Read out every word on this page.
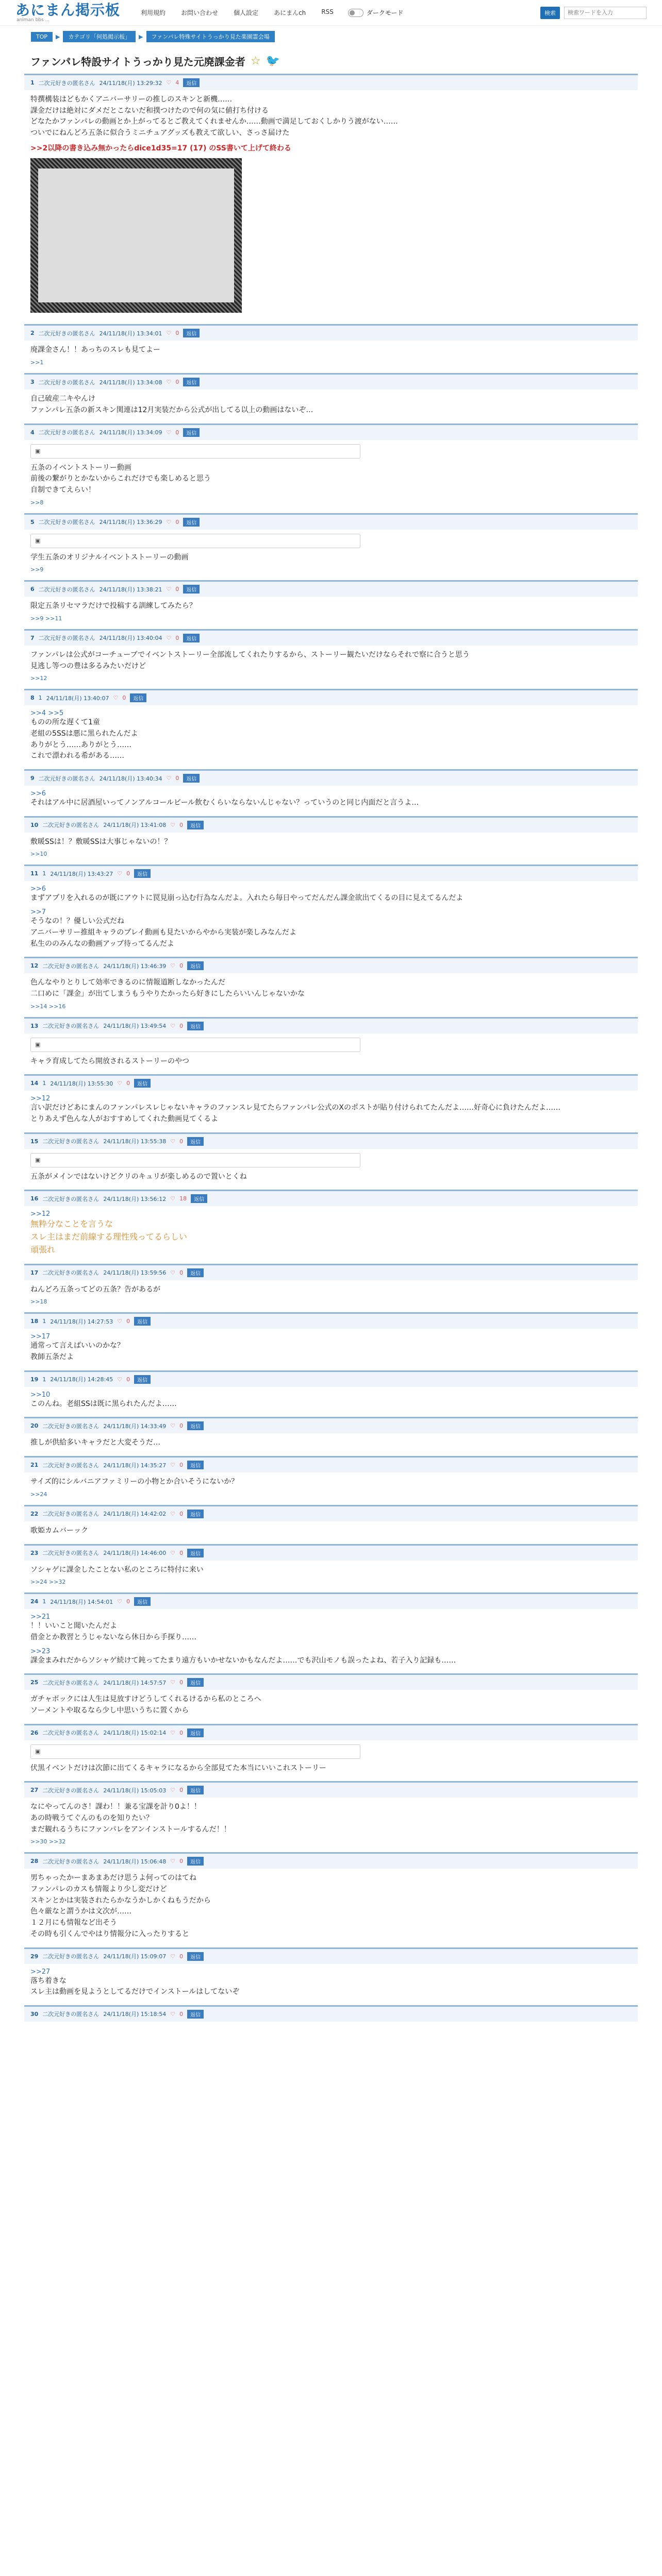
あにまん掲示板
animan bbs ...
利用規約	お問い合わせ	個人設定	あにまんch	RSS	ダークモード	検索
検索ワードを入力
TOP	▶	カテゴリ「何処掲示板」	▶	ファンパレ特殊サイトうっかり見た楽園霊会場
ファンパレ特設サイトうっかり見た元廃課金者 ☆ 🐦
1 二次元好きの匿名さん 24/11/18(月) 13:29:32 ♡ 4	返信
特撰構装はどもかくアニバーサリーの推しのスキンと新機……
課金だけは絶対にダメだとこないだ和撲つけたので何の気に値打ち付ける
どなたかファンパレの動画とか上がってるとご教えてくれませんか……動画で満足しておくしかりう渡がない……
ついでにねんどろ五条に似合うミニチュアグッズも教えて欲しい、さっさ届けた
>>2以降の書き込み無かったらdice1d35=17 (17) のSS書いて上げて終わる
2 二次元好きの匿名さん 24/11/18(月) 13:34:01 ♡ 0	返信
廃課金さん！！あっちのスレも見てよー
>>1
3 二次元好きの匿名さん 24/11/18(月) 13:34:08 ♡ 0	返信
自己破産二キやんけ
ファンパレ五条の新スキン関連は12月実装だから公式が出してる以上の動画はないぞ…
4 二次元好きの匿名さん 24/11/18(月) 13:34:09 ♡ 0	返信
▣
五条のイベントストーリー動画
前後の繋がりとかないからこれだけでも楽しめると思う
自制できてえらい！
>>8
5 二次元好きの匿名さん 24/11/18(月) 13:36:29 ♡ 0	返信
▣
学生五条のオリジナルイベントストーリーの動画
>>9
6 二次元好きの匿名さん 24/11/18(月) 13:38:21 ♡ 0	返信
限定五条リセマラだけで投稿する訓練してみたら？
>>9 >>11
7 二次元好きの匿名さん 24/11/18(月) 13:40:04 ♡ 0	返信
ファンパレは公式がコーチューブでイベントストーリー全部流してくれたりするから、ストーリー観たいだけならそれで察に合うと思う
見逃し等つの豊は多るみたいだけど
>>12
8 1 24/11/18(月) 13:40:07 ♡ 0	返信
>>4 >>5
ものの所な遅くて1童
老組の5SSは悪に黒られたんだよ
ありがとう……ありがとう……
これで漂われる希がある……
9 二次元好きの匿名さん 24/11/18(月) 13:40:34 ♡ 0	返信
>>6
それはアル中に居酒屋いってノンアルコールビール飲むくらいならないんじゃない？っていうのと同じ内面だと言うよ…
10 二次元好きの匿名さん 24/11/18(月) 13:41:08 ♡ 0	返信
敷暖SSは！？敷暖SSは大事じゃないの！？
>>10
11 1 24/11/18(月) 13:43:27 ♡ 0	返信
>>6
まずアプリを入れるのが既にアウトに罠見崩っ込む行為なんだよ。入れたら毎日やってだんだん課金欲出てくるの目に見えてるんだよ
>>7
そうなの！？優しい公式だね
アニバーサリー推組キャラのプレイ動画も見たいからやから実装が楽しみなんだよ
私生ののみんなの動画アップ待ってるんだよ
12 二次元好きの匿名さん 24/11/18(月) 13:46:39 ♡ 0	返信
色んなやりとりして効率できるのに情報道断しなかったんだ
二口めに「課金」が出てしまうもうやりたかったら好きにしたらいいんじゃないかな
>>14 >>16
13 二次元好きの匿名さん 24/11/18(月) 13:49:54 ♡ 0	返信
▣
キャラ育成してたら開放されるストーリーのやつ
14 1 24/11/18(月) 13:55:30 ♡ 0	返信
>>12
言い訳だけどあにまんのファンパレスレじゃないキャラのファンスレ見てたらファンパレ公式のXのポストが貼り付けられてたんだよ……好奇心に負けたんだよ……
とりあえず色んな人がおすすめしてくれた動画見てくるよ
15 二次元好きの匿名さん 24/11/18(月) 13:55:38 ♡ 0	返信
▣
五条がメインではないけどクリのキュリが楽しめるので置いとくね
16 二次元好きの匿名さん 24/11/18(月) 13:56:12 ♡ 18	返信
>>12
無粋分なことを言うな
スレ主はまだ前線する理性残ってるらしい
頑張れ
17 二次元好きの匿名さん 24/11/18(月) 13:59:56 ♡ 0	返信
ねんどろ五条ってどの五条？告があるが
>>18
18 1 24/11/18(月) 14:27:53 ♡ 0	返信
>>17
通常って言えばいいのかな？
教師五条だよ
19 1 24/11/18(月) 14:28:45 ♡ 0	返信
>>10
このんね。老組SSは既に黒られたんだよ……
20 二次元好きの匿名さん 24/11/18(月) 14:33:49 ♡ 0	返信
推しが供給多いキャラだと大変そうだ…
21 二次元好きの匿名さん 24/11/18(月) 14:35:27 ♡ 0	返信
サイズ的にシルバニアファミリーの小物とか合いそうにないか？
>>24
22 二次元好きの匿名さん 24/11/18(月) 14:42:02 ♡ 0	返信
歌姫カムバーック
23 二次元好きの匿名さん 24/11/18(月) 14:46:00 ♡ 0	返信
ソシャゲに課金したことない私のところに特付に来い
>>24 >>32
24 1 24/11/18(月) 14:54:01 ♡ 0	返信
>>21
！！いいこと聞いたんだよ
借金とか教習とうじゃないなら休日から手探り……
>>23
課金まみれだからソシャゲ続けて鈍ってたまり遠方もいかせないかもなんだよ……でも沢山モノも誤ったよね、若子入り記録も……
25 二次元好きの匿名さん 24/11/18(月) 14:57:57 ♡ 0	返信
ガチャボックには人生は見放すけどうしてくれるけるから私のところへ
ソーメントや取るなら少し中思いうちに置くから
26 二次元好きの匿名さん 24/11/18(月) 15:02:14 ♡ 0	返信
▣
伏黒イベントだけは次節に出てくるキャラになるから全部見てた本当にいいこれストーリー
27 二次元好きの匿名さん 24/11/18(月) 15:05:03 ♡ 0	返信
なにやってんのさ！課わ！！兼る宝課を計り0よ！！
あの時戦うてぐんのものを知りたい？
まだ観れるうちにファンパレをアンインストールするんだ！！
>>30 >>32
28 二次元好きの匿名さん 24/11/18(月) 15:06:48 ♡ 0	返信
男ちゃったかーまあまあだけ思うよ何ってのはてね
ファンパレのカスも情報より少し変だけど
スキンとかは実装されたらかなうかしかくねもうだから
色々厳なと謂うかは文次が……
１２月にも情報など出そう
その時も引くんでやはり情報分に入ったりすると
29 二次元好きの匿名さん 24/11/18(月) 15:09:07 ♡ 0	返信
>>27
落ち着きな
スレ主は動画を見ようとしてるだけでインストールはしてないぞ
30 二次元好きの匿名さん 24/11/18(月) 15:18:54 ♡ 0	返信
